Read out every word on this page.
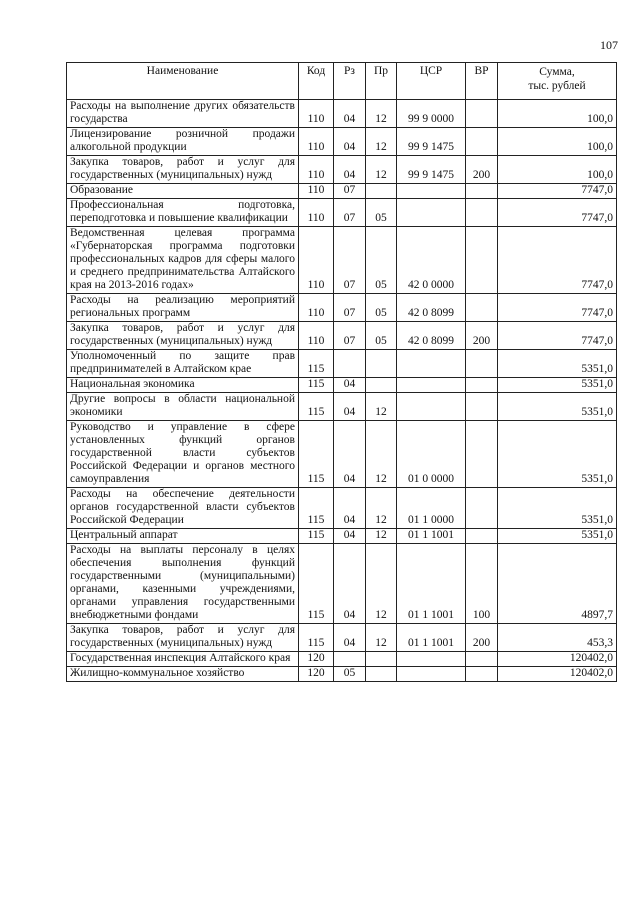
107
Наименование	Код	Рз	Пр	ЦСР	ВР	Сумма,
тыс. рублей

Расходы на выполнение других обязательств государства	110	04	12	99 9 0000		100,0
Лицензирование розничной продажи алкогольной продукции	110	04	12	99 9 1475		100,0
Закупка товаров, работ и услуг для государственных (муниципальных) нужд	110	04	12	99 9 1475	200	100,0
Образование	110	07				7747,0
Профессиональная подготовка, переподготовка и повышение квалификации	110	07	05			7747,0
Ведомственная целевая программа «Губернаторская программа подготовки профессиональных кадров для сферы малого и среднего предпринимательства Алтайского края на 2013-2016 годах»	110	07	05	42 0 0000		7747,0
Расходы на реализацию мероприятий региональных программ	110	07	05	42 0 8099		7747,0
Закупка товаров, работ и услуг для государственных (муниципальных) нужд	110	07	05	42 0 8099	200	7747,0
Уполномоченный по защите прав предпринимателей в Алтайском крае	115					5351,0
Национальная экономика	115	04				5351,0
Другие вопросы в области национальной экономики	115	04	12			5351,0
Руководство и управление в сфере установленных функций органов государственной власти субъектов Российской Федерации и органов местного самоуправления	115	04	12	01 0 0000		5351,0
Расходы на обеспечение деятельности органов государственной власти субъектов Российской Федерации	115	04	12	01 1 0000		5351,0
Центральный аппарат	115	04	12	01 1 1001		5351,0
Расходы на выплаты персоналу в целях обеспечения выполнения функций государственными (муниципальными) органами, казенными учреждениями, органами управления государственными внебюджетными фондами	115	04	12	01 1 1001	100	4897,7
Закупка товаров, работ и услуг для государственных (муниципальных) нужд	115	04	12	01 1 1001	200	453,3
Государственная инспекция Алтайского края	120					120402,0
Жилищно-коммунальное хозяйство	120	05				120402,0
